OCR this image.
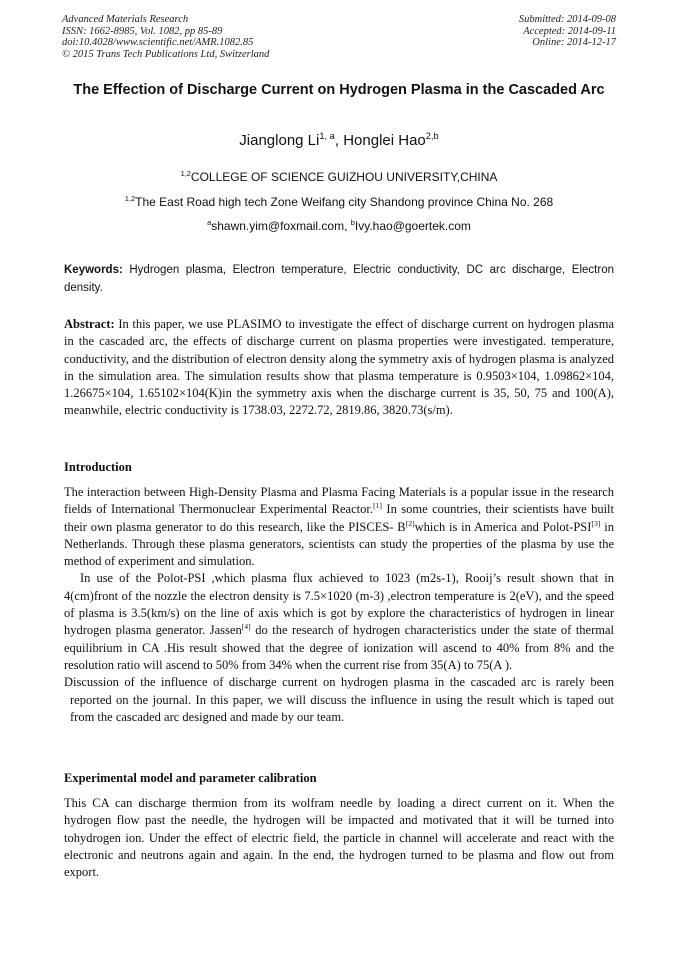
Advanced Materials Research
ISSN: 1662-8985, Vol. 1082, pp 85-89
doi:10.4028/www.scientific.net/AMR.1082.85
© 2015 Trans Tech Publications Ltd, Switzerland
Submitted: 2014-09-08
Accepted: 2014-09-11
Online: 2014-12-17
The Effection of Discharge Current on Hydrogen Plasma in the Cascaded Arc
Jianglong Li$^{1, a}$, Honglei Hao$^{2,b}$
$^{1,2}$COLLEGE OF SCIENCE GUIZHOU UNIVERSITY,CHINA
$^{1,2}$The East Road high tech Zone Weifang city Shandong province China No. 268
$^a$shawn.yim@foxmail.com, $^b$Ivy.hao@goertek.com
Keywords: Hydrogen plasma, Electron temperature, Electric conductivity, DC arc discharge, Electron density.
Abstract: In this paper, we use PLASIMO to investigate the effect of discharge current on hydrogen plasma in the cascaded arc, the effects of discharge current on plasma properties were investigated. temperature, conductivity, and the distribution of electron density along the symmetry axis of hydrogen plasma is analyzed in the simulation area. The simulation results show that plasma temperature is 0.9503×104, 1.09862×104, 1.26675×104, 1.65102×104(K)in the symmetry axis when the discharge current is 35, 50, 75 and 100(A), meanwhile, electric conductivity is 1738.03, 2272.72, 2819.86, 3820.73(s/m).
Introduction

The interaction between High-Density Plasma and Plasma Facing Materials is a popular issue in the research fields of International Thermonuclear Experimental Reactor.[1] In some countries, their scientists have built their own plasma generator to do this research, like the PISCES- B[2]which is in America and Polot-PSI[3] in Netherlands. Through these plasma generators, scientists can study the properties of the plasma by use the method of experiment and simulation.

In use of the Polot-PSI ,which plasma flux achieved to 1023 (m2s-1), Rooij’s result shown that in 4(cm)front of the nozzle the electron density is 7.5×1020 (m-3) ,electron temperature is 2(eV), and the speed of plasma is 3.5(km/s) on the line of axis which is got by explore the characteristics of hydrogen in linear hydrogen plasma generator. Jassen[4] do the research of hydrogen characteristics under the state of thermal equilibrium in CA .His result showed that the degree of ionization will ascend to 40% from 8% and the resolution ratio will ascend to 50% from 34% when the current rise from 35(A) to 75(A ).

Discussion of the influence of discharge current on hydrogen plasma in the cascaded arc is rarely been reported on the journal. In this paper, we will discuss the influence in using the result which is taped out from the cascaded arc designed and made by our team.

Experimental model and parameter calibration

This CA can discharge thermion from its wolfram needle by loading a direct current on it. When the hydrogen flow past the needle, the hydrogen will be impacted and motivated that it will be turned into tohydrogen ion. Under the effect of electric field, the particle in channel will accelerate and react with the electronic and neutrons again and again. In the end, the hydrogen turned to be plasma and flow out from export.
